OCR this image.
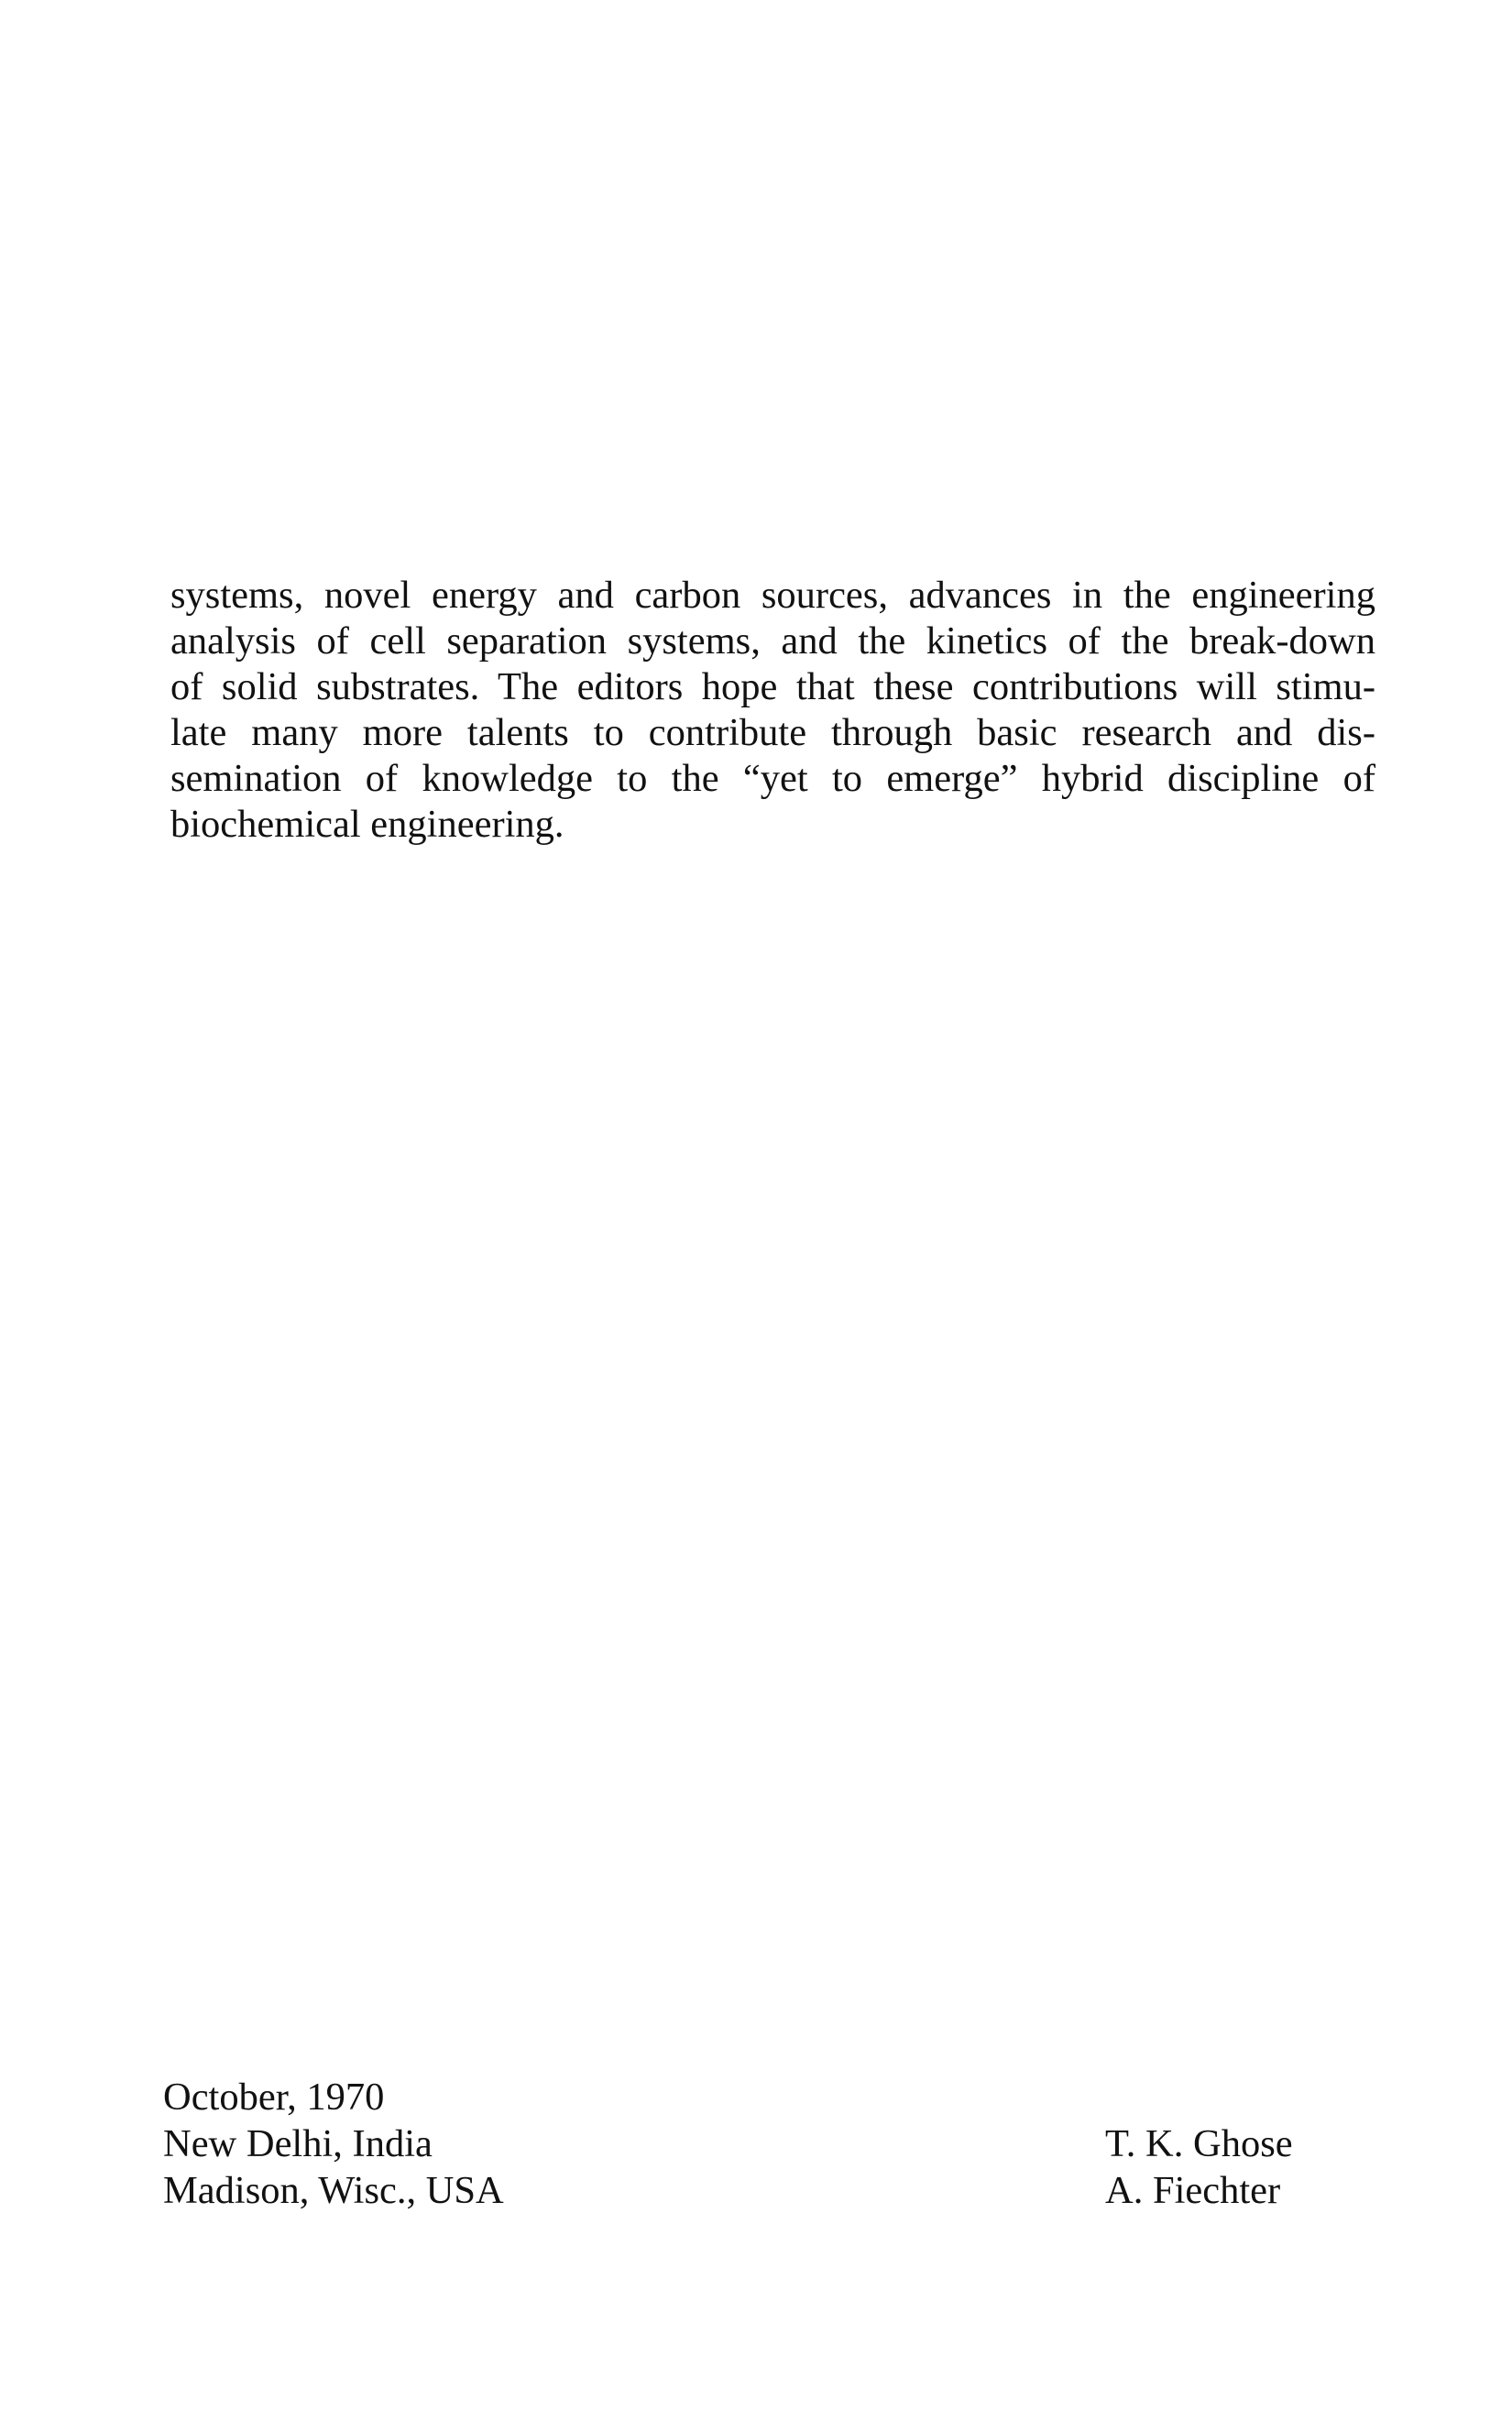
systems, novel energy and carbon sources, advances in the engineering
analysis of cell separation systems, and the kinetics of the break-down
of solid substrates. The editors hope that these contributions will stimu-
late many more talents to contribute through basic research and dis-
semination of knowledge to the “yet to emerge” hybrid discipline of
biochemical engineering.
October, 1970
New Delhi, India
Madison, Wisc., USA
T. K. Ghose
A. Fiechter
